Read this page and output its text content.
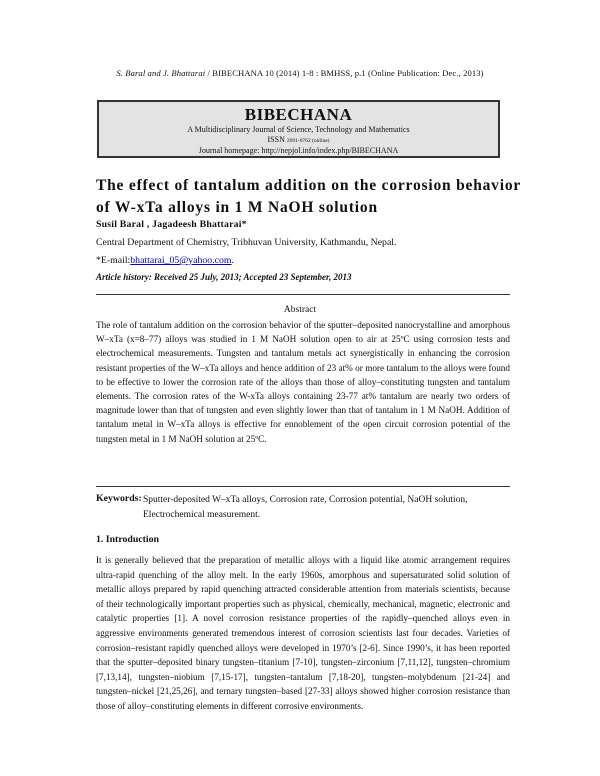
S. Baral and J. Bhattarai / BIBECHANA 10 (2014) 1-8 : BMHSS, p.1 (Online Publication: Dec., 2013)
BIBECHANA
A Multidisciplinary Journal of Science, Technology and Mathematics
ISSN 2091-0762 (online)
Journal homepage: http://nepjol.info/index.php/BIBECHANA
The effect of tantalum addition on the corrosion behavior of W-xTa alloys in 1 M NaOH solution
Susil Baral , Jagadeesh Bhattarai*
Central Department of Chemistry, Tribhuvan University, Kathmandu, Nepal.
*E-mail:bhattarai_05@yahoo.com.
Article history: Received 25 July, 2013; Accepted 23 September, 2013
Abstract
The role of tantalum addition on the corrosion behavior of the sputter–deposited nanocrystalline and amorphous W–xTa (x=8–77) alloys was studied in 1 M NaOH solution open to air at 25ºC using corrosion tests and electrochemical measurements. Tungsten and tantalum metals act synergistically in enhancing the corrosion resistant properties of the W–xTa alloys and hence addition of 23 at% or more tantalum to the alloys were found to be effective to lower the corrosion rate of the alloys than those of alloy–constituting tungsten and tantalum elements. The corrosion rates of the W-xTa alloys containing 23-77 at% tantalum are nearly two orders of magnitude lower than that of tungsten and even slightly lower than that of tantalum in 1 M NaOH. Addition of tantalum metal in W–xTa alloys is effective for ennoblement of the open circuit corrosion potential of the tungsten metal in 1 M NaOH solution at 25ºC.
Keywords: Sputter-deposited W–xTa alloys, Corrosion rate, Corrosion potential, NaOH solution, Electrochemical measurement.
1. Introduction
It is generally believed that the preparation of metallic alloys with a liquid like atomic arrangement requires ultra-rapid quenching of the alloy melt. In the early 1960s, amorphous and supersaturated solid solution of metallic alloys prepared by rapid quenching attracted considerable attention from materials scientists, because of their technologically important properties such as physical, chemically, mechanical, magnetic, electronic and catalytic properties [1]. A novel corrosion resistance properties of the rapidly–quenched alloys even in aggressive environments generated tremendous interest of corrosion scientists last four decades. Varieties of corrosion–resistant rapidly quenched alloys were developed in 1970’s [2-6]. Since 1990’s, it has been reported that the sputter–deposited binary tungsten–titanium [7-10], tungsten–zirconium [7,11,12], tungsten–chromium [7,13,14], tungsten–niobium [7,15-17], tungsten–tantalum [7,18-20], tungsten–molybdenum [21-24] and tungsten–nickel [21,25,26], and ternary tungsten–based [27-33] alloys showed higher corrosion resistance than those of alloy–constituting elements in different corrosive environments.
